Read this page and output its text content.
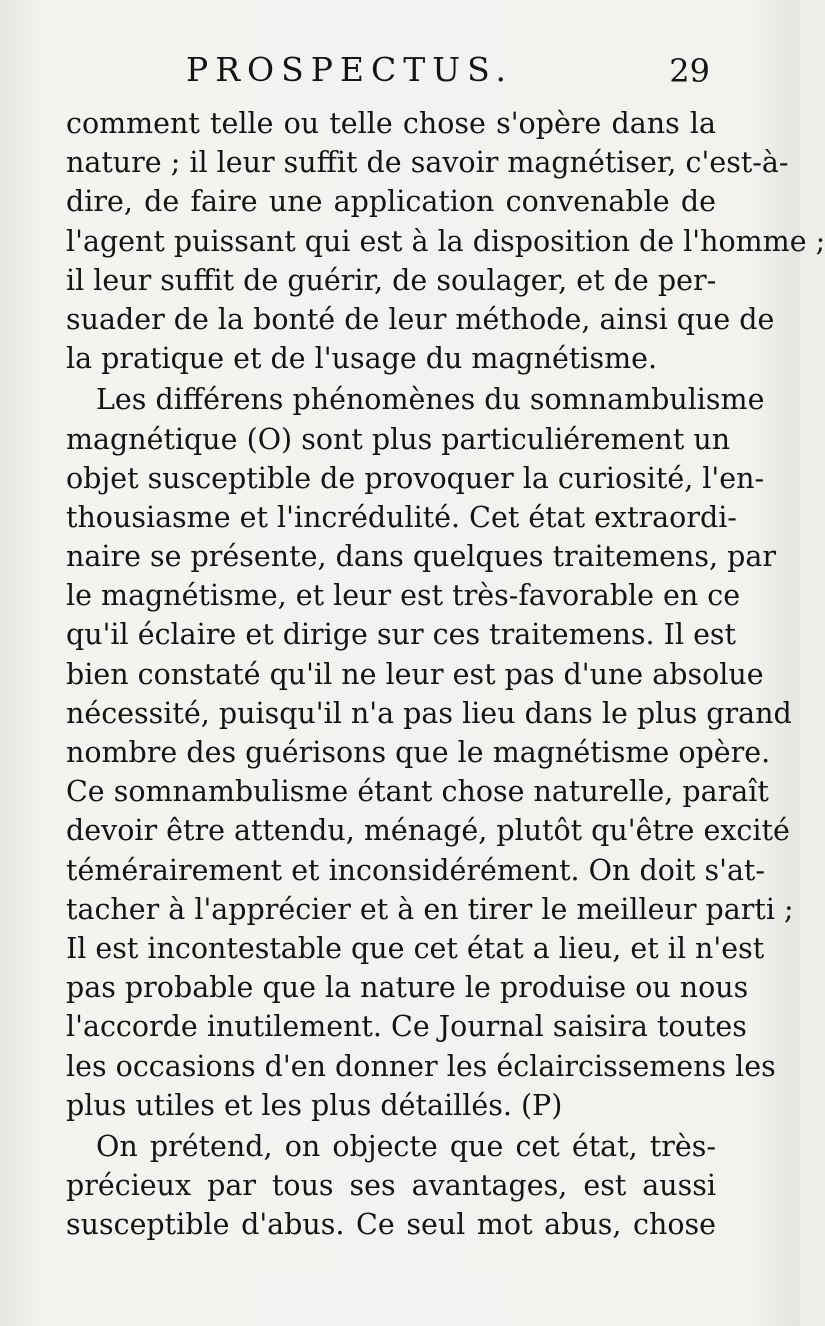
PROSPECTUS.	29
comment telle ou telle chose s'opère dans la
nature ; il leur suffit de savoir magnétiser, c'est-à-
dire, de faire une application convenable de
l'agent puissant qui est à la disposition de l'homme ;
il leur suffit de guérir, de soulager, et de per-
suader de la bonté de leur méthode, ainsi que de
la pratique et de l'usage du magnétisme.
Les différens phénomènes du somnambulisme
magnétique (O) sont plus particuliérement un
objet susceptible de provoquer la curiosité, l'en-
thousiasme et l'incrédulité. Cet état extraordi-
naire se présente, dans quelques traitemens, par
le magnétisme, et leur est très-favorable en ce
qu'il éclaire et dirige sur ces traitemens. Il est
bien constaté qu'il ne leur est pas d'une absolue
nécessité, puisqu'il n'a pas lieu dans le plus grand
nombre des guérisons que le magnétisme opère.
Ce somnambulisme étant chose naturelle, paraît
devoir être attendu, ménagé, plutôt qu'être excité
témérairement et inconsidérément. On doit s'at-
tacher à l'apprécier et à en tirer le meilleur parti ;
Il est incontestable que cet état a lieu, et il n'est
pas probable que la nature le produise ou nous
l'accorde inutilement. Ce Journal saisira toutes
les occasions d'en donner les éclaircissemens les
plus utiles et les plus détaillés. (P)
On prétend, on objecte que cet état, très-
précieux par tous ses avantages, est aussi
susceptible d'abus. Ce seul mot abus, chose
